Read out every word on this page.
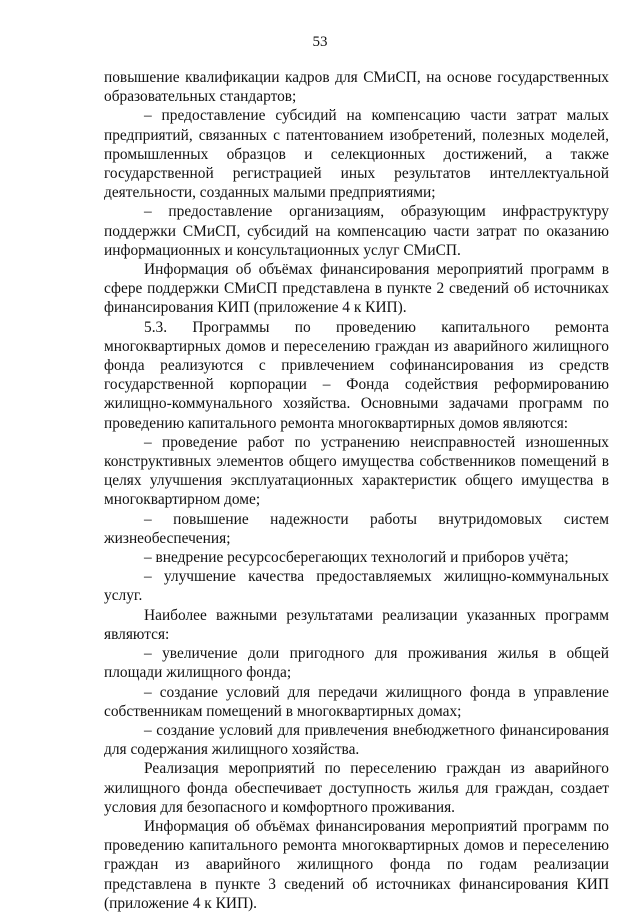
53

повышение квалификации кадров для СМиСП, на основе государственных образовательных стандартов;

– предоставление субсидий на компенсацию части затрат малых предприятий, связанных с патентованием изобретений, полезных моделей, промышленных образцов и селекционных достижений, а также государственной регистрацией иных результатов интеллектуальной деятельности, созданных малыми предприятиями;

– предоставление организациям, образующим инфраструктуру поддержки СМиСП, субсидий на компенсацию части затрат по оказанию информационных и консультационных услуг СМиСП.

Информация об объёмах финансирования мероприятий программ в сфере поддержки СМиСП представлена в пункте 2 сведений об источниках финансирования КИП (приложение 4 к КИП).

5.3. Программы по проведению капитального ремонта многоквартирных домов и переселению граждан из аварийного жилищного фонда реализуются с привлечением софинансирования из средств государственной корпорации – Фонда содействия реформированию жилищно-коммунального хозяйства. Основными задачами программ по проведению капитального ремонта многоквартирных домов являются:

– проведение работ по устранению неисправностей изношенных конструктивных элементов общего имущества собственников помещений в целях улучшения эксплуатационных характеристик общего имущества в многоквартирном доме;

– повышение надежности работы внутридомовых систем жизнеобеспечения;

– внедрение ресурсосберегающих технологий и приборов учёта;

– улучшение качества предоставляемых жилищно-коммунальных услуг.

Наиболее важными результатами реализации указанных программ являются:

– увеличение доли пригодного для проживания жилья в общей площади жилищного фонда;

– создание условий для передачи жилищного фонда в управление собственникам помещений в многоквартирных домах;

– создание условий для привлечения внебюджетного финансирования для содержания жилищного хозяйства.

Реализация мероприятий по переселению граждан из аварийного жилищного фонда обеспечивает доступность жилья для граждан, создает условия для безопасного и комфортного проживания.

Информация об объёмах финансирования мероприятий программ по проведению капитального ремонта многоквартирных домов и переселению граждан из аварийного жилищного фонда по годам реализации представлена в пункте 3 сведений об источниках финансирования КИП (приложение 4 к КИП).
